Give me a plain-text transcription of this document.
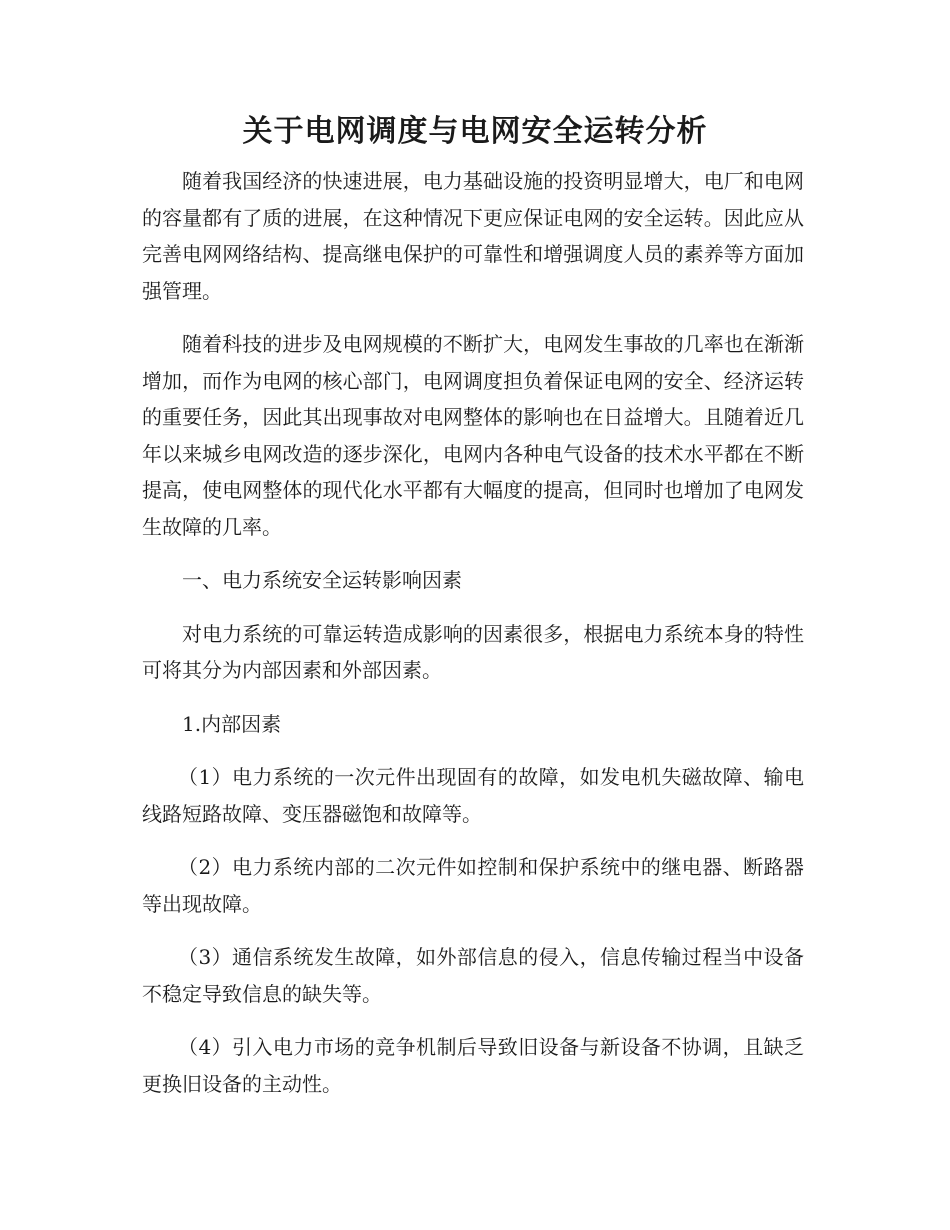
关于电网调度与电网安全运转分析

随着我国经济的快速进展，电力基础设施的投资明显增大，电厂和电网的容量都有了质的进展，在这种情况下更应保证电网的安全运转。因此应从完善电网网络结构、提高继电保护的可靠性和增强调度人员的素养等方面加强管理。

随着科技的进步及电网规模的不断扩大，电网发生事故的几率也在渐渐增加，而作为电网的核心部门，电网调度担负着保证电网的安全、经济运转的重要任务，因此其出现事故对电网整体的影响也在日益增大。且随着近几年以来城乡电网改造的逐步深化，电网内各种电气设备的技术水平都在不断提高，使电网整体的现代化水平都有大幅度的提高，但同时也增加了电网发生故障的几率。

一、电力系统安全运转影响因素

对电力系统的可靠运转造成影响的因素很多，根据电力系统本身的特性可将其分为内部因素和外部因素。

1.内部因素

（1）电力系统的一次元件出现固有的故障，如发电机失磁故障、输电线路短路故障、变压器磁饱和故障等。

（2）电力系统内部的二次元件如控制和保护系统中的继电器、断路器等出现故障。

（3）通信系统发生故障，如外部信息的侵入，信息传输过程当中设备不稳定导致信息的缺失等。

（4）引入电力市场的竞争机制后导致旧设备与新设备不协调，且缺乏更换旧设备的主动性。
